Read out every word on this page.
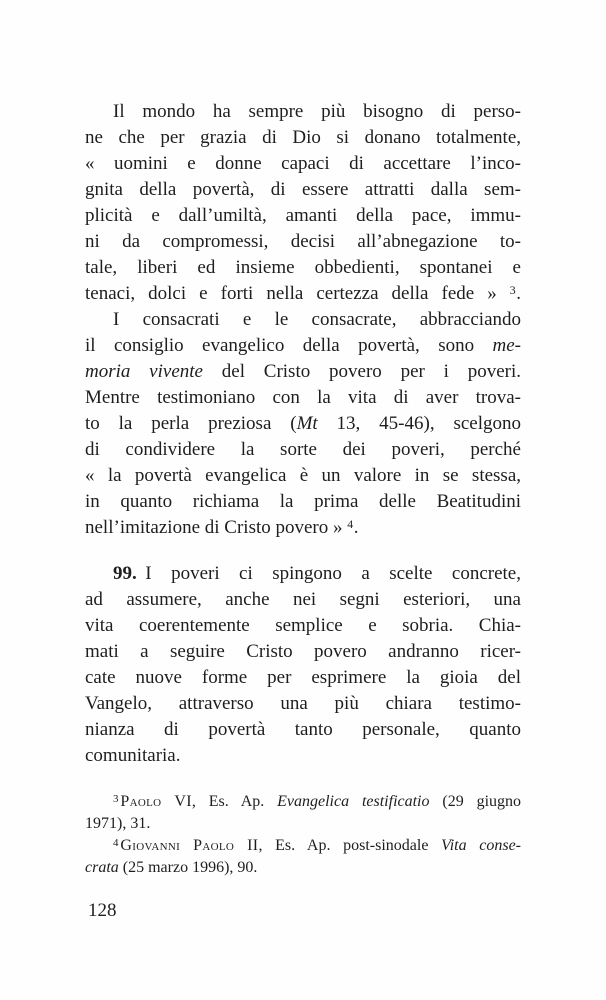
Il mondo ha sempre più bisogno di perso-
ne che per grazia di Dio si donano totalmente,
« uomini e donne capaci di accettare l’inco-
gnita della povertà, di essere attratti dalla sem-
plicità e dall’umiltà, amanti della pace, immu-
ni da compromessi, decisi all’abnegazione to-
tale, liberi ed insieme obbedienti, spontanei e
tenaci, dolci e forti nella certezza della fede » $^3$.
I consacrati e le consacrate, abbracciando
il consiglio evangelico della povertà, sono me-
moria vivente del Cristo povero per i poveri.
Mentre testimoniano con la vita di aver trova-
to la perla preziosa (Mt 13, 45-46), scelgono
di condividere la sorte dei poveri, perché
« la povertà evangelica è un valore in se stessa,
in quanto richiama la prima delle Beatitudini
nell’imitazione di Cristo povero » $^4$.
99. I poveri ci spingono a scelte concrete,
ad assumere, anche nei segni esteriori, una
vita coerentemente semplice e sobria. Chia-
mati a seguire Cristo povero andranno ricer-
cate nuove forme per esprimere la gioia del
Vangelo, attraverso una più chiara testimo-
nianza di povertà tanto personale, quanto
comunitaria.
$^3$ Paolo VI, Es. Ap. Evangelica testificatio (29 giugno
1971), 31.
$^4$ Giovanni Paolo II, Es. Ap. post-sinodale Vita conse-
crata (25 marzo 1996), 90.
128
